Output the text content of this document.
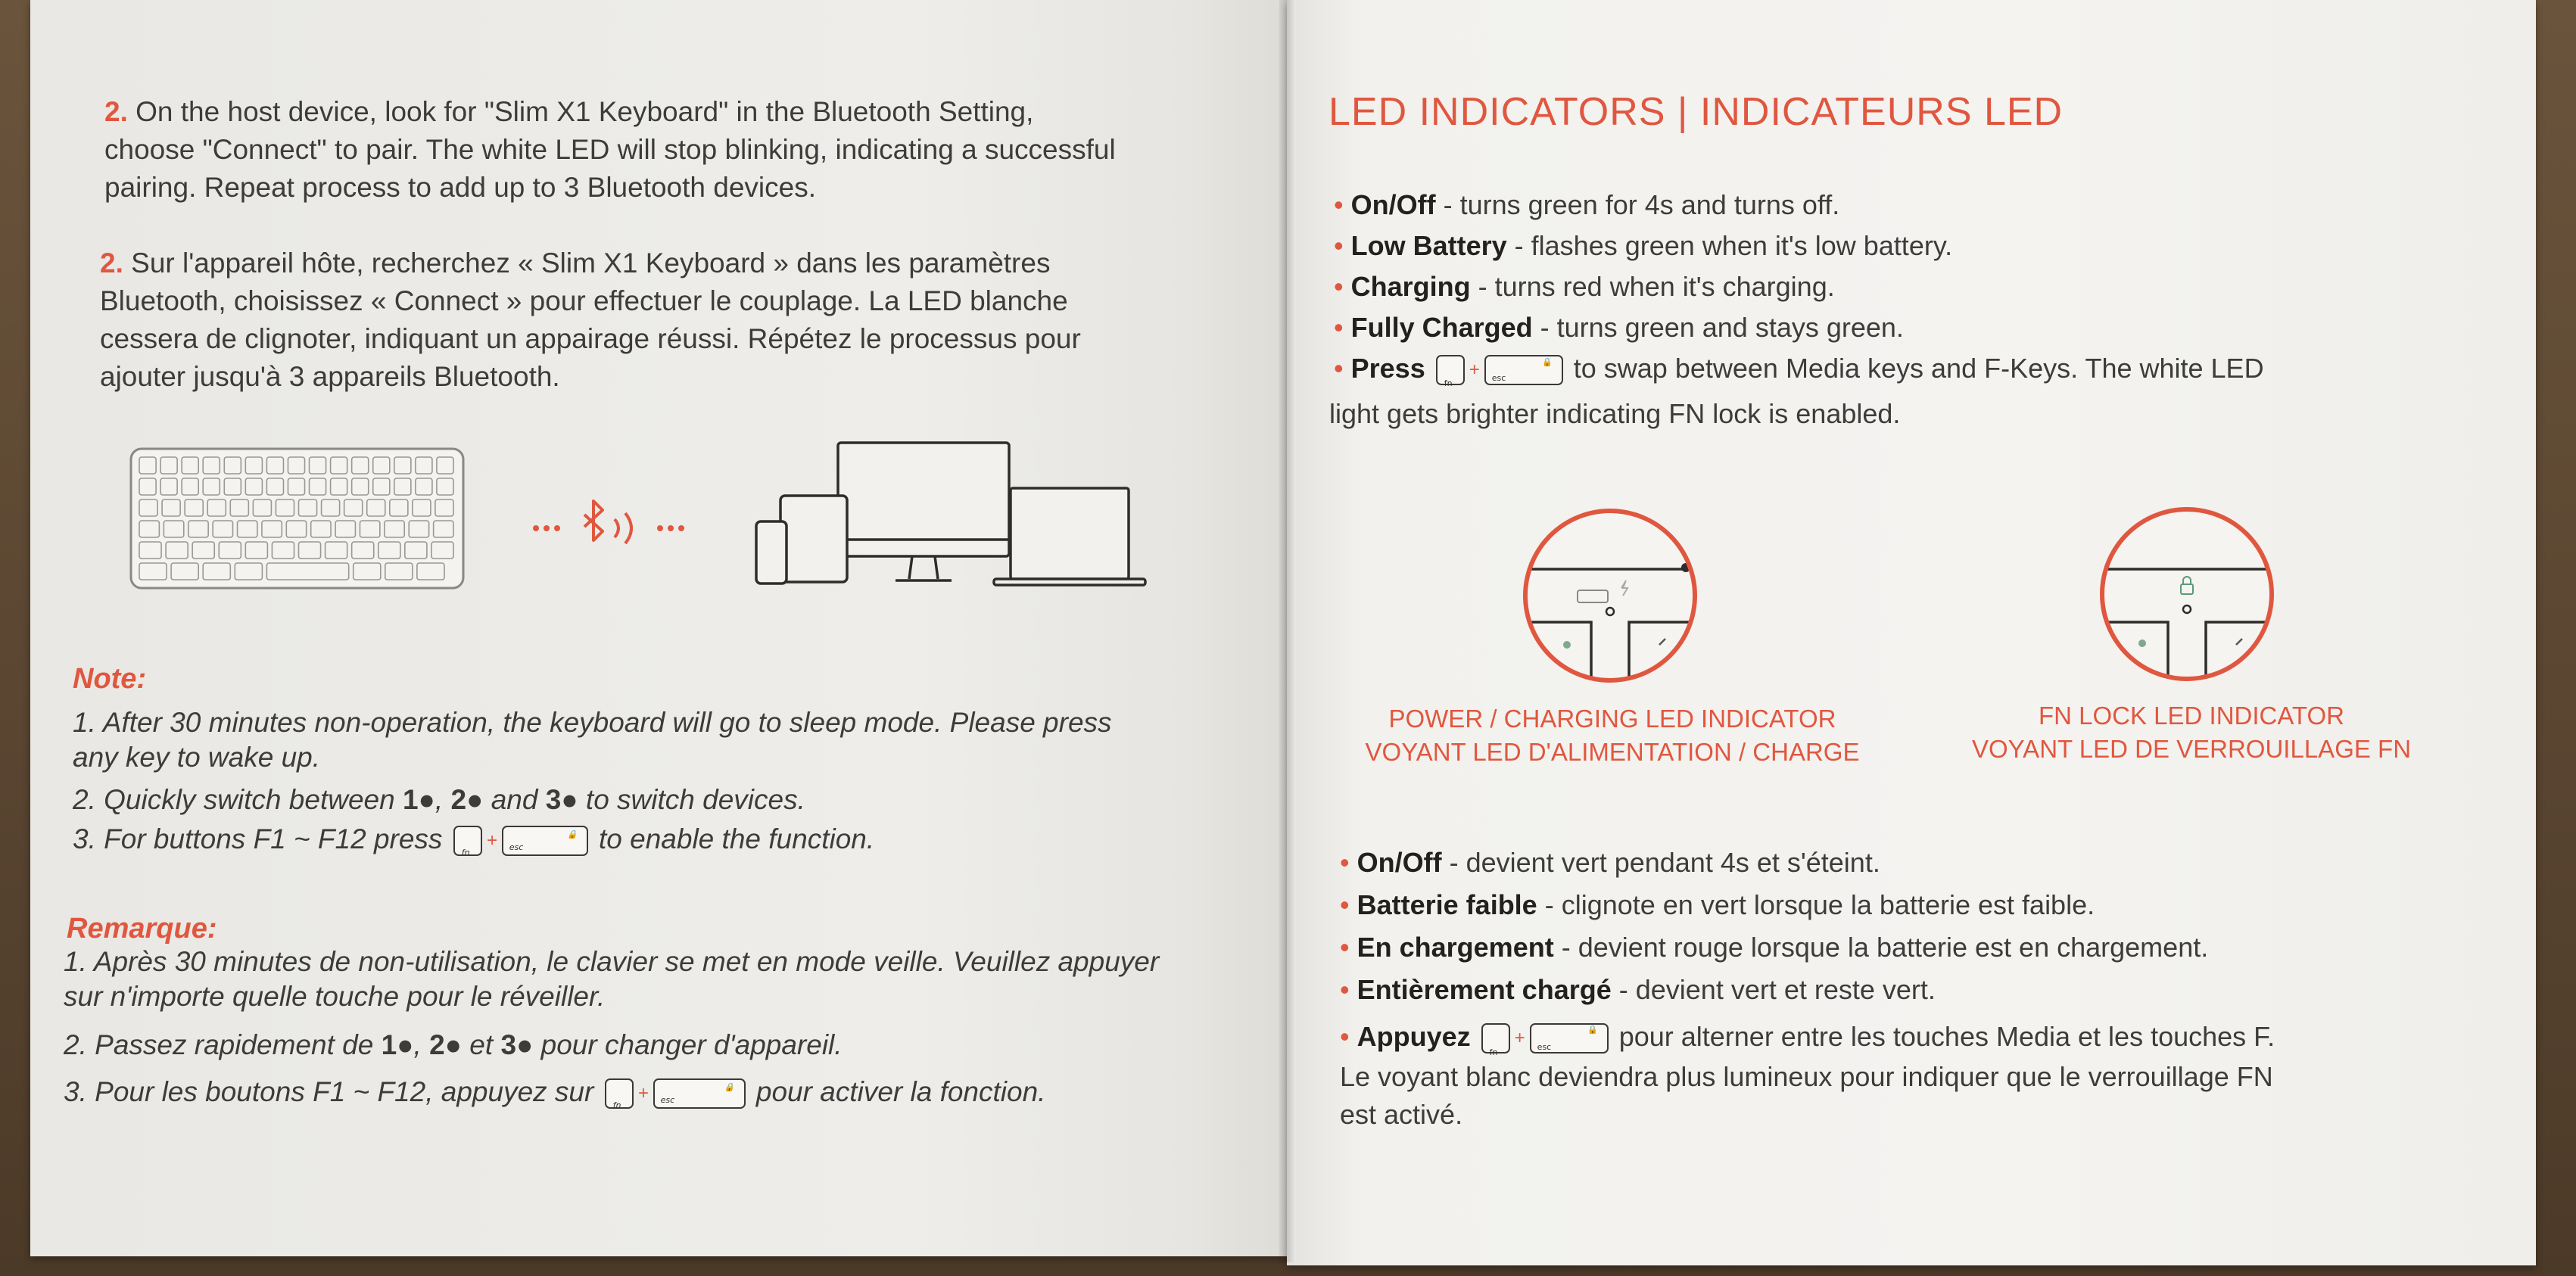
2. On the host device, look for "Slim X1 Keyboard" in the Bluetooth Setting,
choose "Connect" to pair. The white LED will stop blinking, indicating a successful
pairing. Repeat process to add up to 3 Bluetooth devices.
2. Sur l'appareil hôte, recherchez « Slim X1 Keyboard » dans les paramètres
Bluetooth, choisissez « Connect » pour effectuer le couplage. La LED blanche
cessera de clignoter, indiquant un appairage réussi. Répétez le processus pour
ajouter jusqu'à 3 appareils Bluetooth.
Note:
1. After 30 minutes non-operation, the keyboard will go to sleep mode. Please press
any key to wake up.
2. Quickly switch between 1●, 2● and 3● to switch devices.
3. For buttons F1 ~ F12 press fn
+ esc
🔒 to enable the function.
Remarque:
1. Après 30 minutes de non-utilisation, le clavier se met en mode veille. Veuillez appuyer
sur n'importe quelle touche pour le réveiller.
2. Passez rapidement de 1●, 2● et 3● pour changer d'appareil.
3. Pour les boutons F1 ~ F12, appuyez sur fn
+ esc
🔒 pour activer la fonction.
LED INDICATORS | INDICATEURS LED
• On/Off - turns green for 4s and turns off.
• Low Battery - flashes green when it's low battery.
• Charging - turns red when it's charging.
• Fully Charged - turns green and stays green.
• Press fn
+ esc
🔒 to swap between Media keys and F-Keys. The white LED
light gets brighter indicating FN lock is enabled.
POWER / CHARGING LED INDICATOR
VOYANT LED D'ALIMENTATION / CHARGE
FN LOCK LED INDICATOR
VOYANT LED DE VERROUILLAGE FN
• On/Off - devient vert pendant 4s et s'éteint.
• Batterie faible - clignote en vert lorsque la batterie est faible.
• En chargement - devient rouge lorsque la batterie est en chargement.
• Entièrement chargé - devient vert et reste vert.
• Appuyez
fn
+ esc
🔒 pour alterner entre les touches Media et les touches F.
Le voyant blanc deviendra plus lumineux pour indiquer que le verrouillage FN
est activé.
